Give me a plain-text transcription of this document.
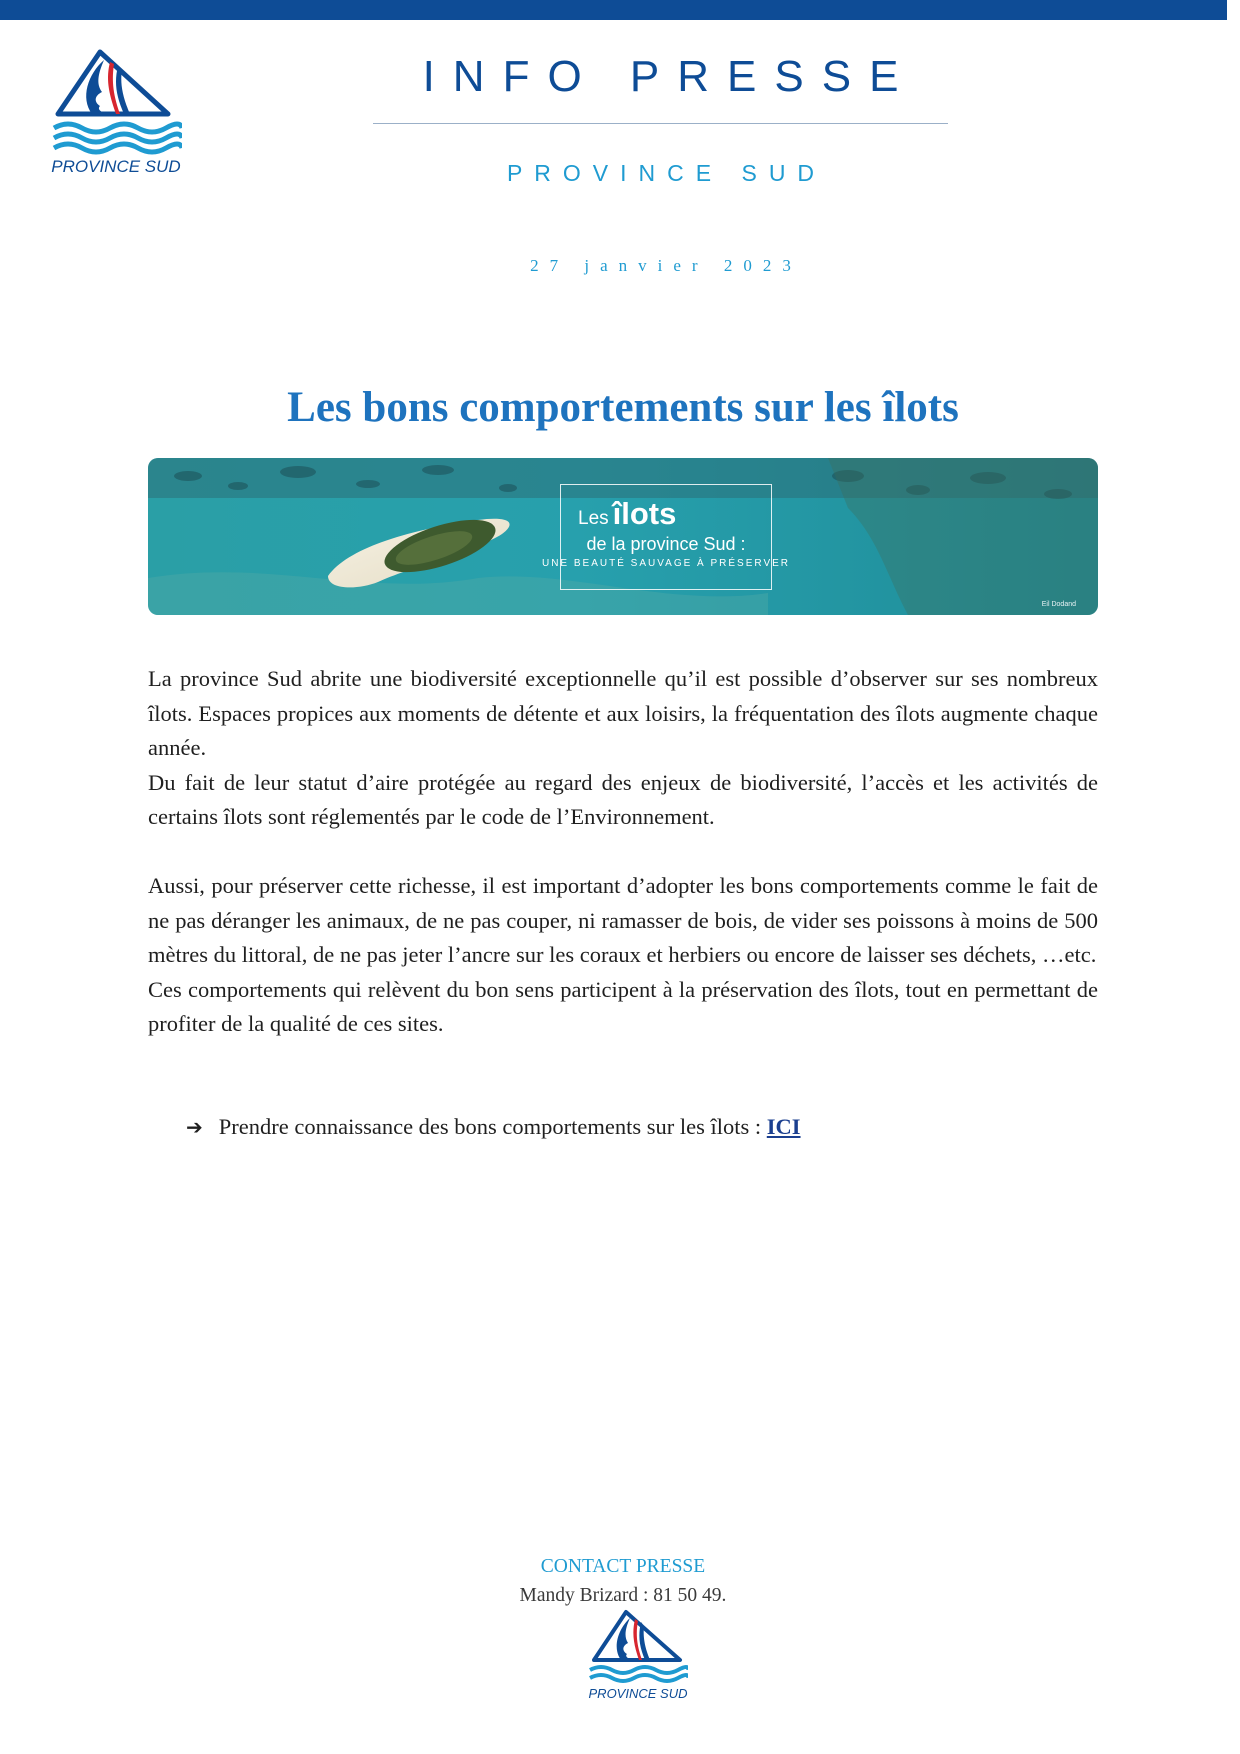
PROVINCE SUD
INFO PRESSE
PROVINCE SUD
27 janvier 2023
Les bons comportements sur les îlots
Les îlots
de la province Sud :
UNE BEAUTÉ SAUVAGE À PRÉSERVER
Eil Dodand

La province Sud abrite une biodiversité exceptionnelle qu’il est possible d’observer sur ses nombreux îlots. Espaces propices aux moments de détente et aux loisirs, la fréquentation des îlots augmente chaque année.

Du fait de leur statut d’aire protégée au regard des enjeux de biodiversité, l’accès et les activités de certains îlots sont réglementés par le code de l’Environnement.

Aussi, pour préserver cette richesse, il est important d’adopter les bons comportements comme le fait de ne pas déranger les animaux, de ne pas couper, ni ramasser de bois, de vider ses poissons à moins de 500 mètres du littoral, de ne pas jeter l’ancre sur les coraux et herbiers ou encore de laisser ses déchets, …etc.

Ces comportements qui relèvent du bon sens participent à la préservation des îlots, tout en permettant de profiter de la qualité de ces sites.

➔ Prendre connaissance des bons comportements sur les îlots : ICI
CONTACT PRESSE
Mandy Brizard : 81 50 49.
PROVINCE SUD
